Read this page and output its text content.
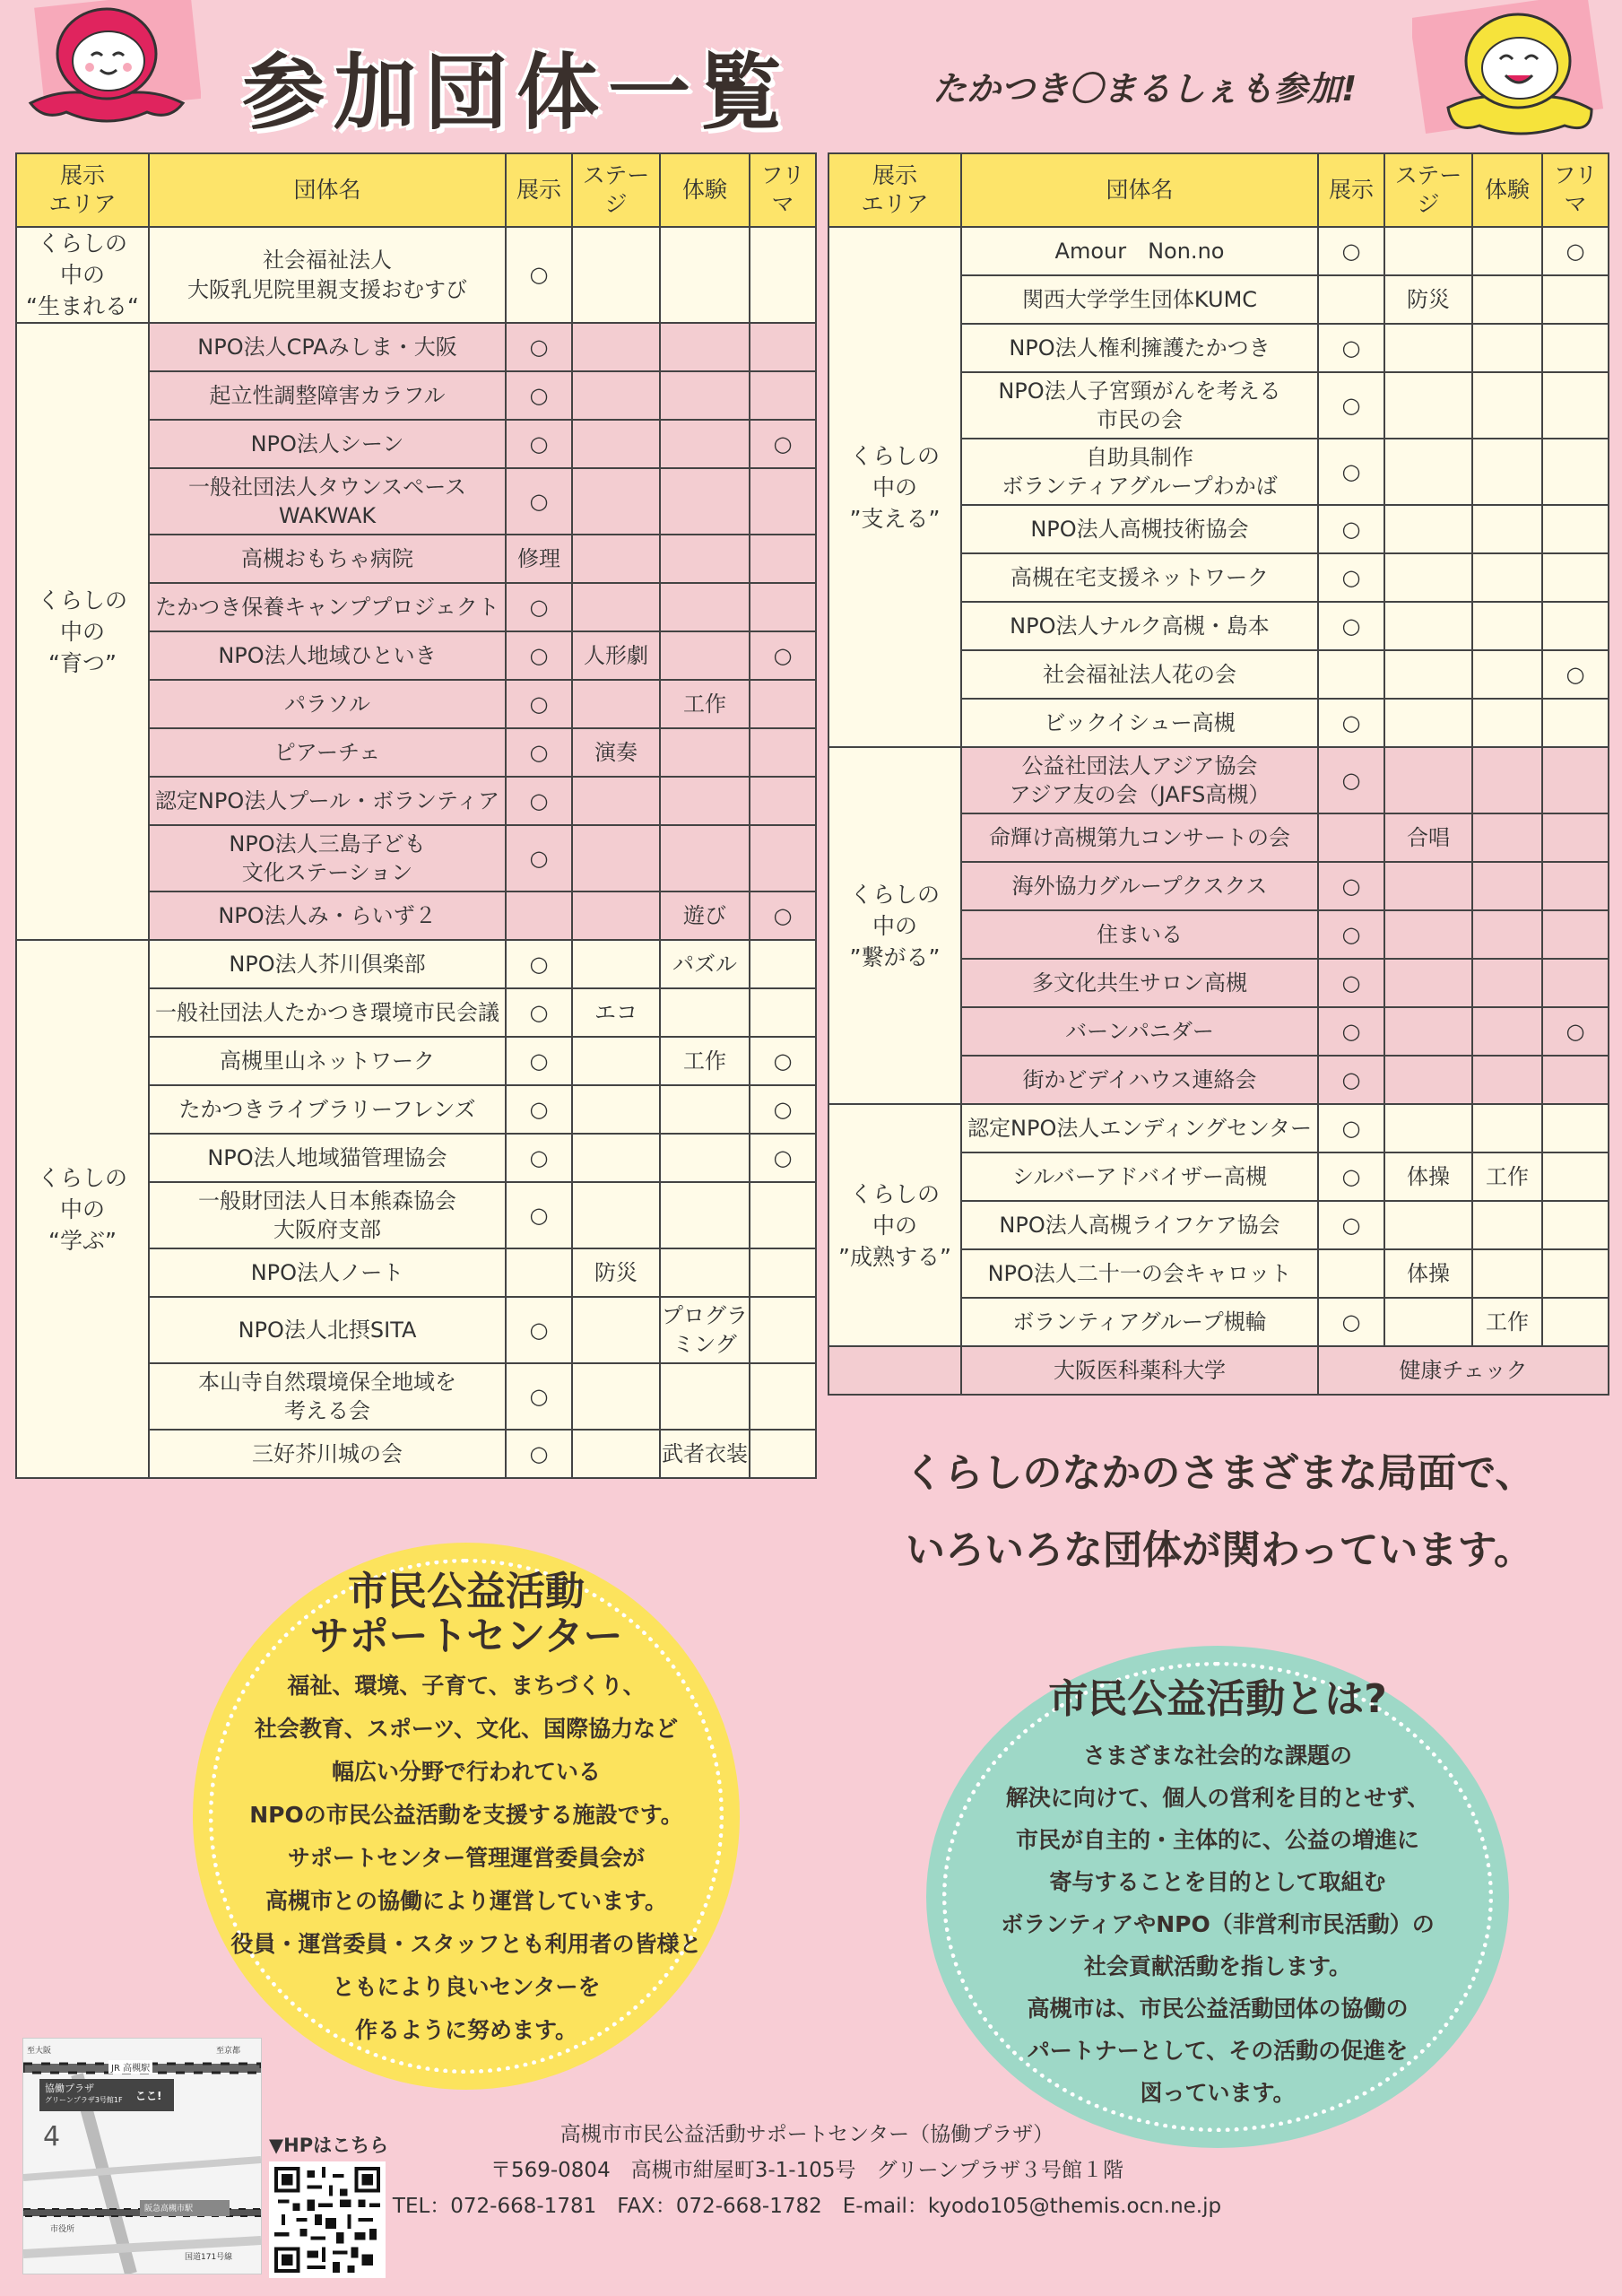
参加団体一覧	たかつき〇まるしぇも参加!
展示
エリア	団体名	展示	ステージ	体験	フリ
マ
くらしの
中の
“生まれる“	社会福祉法人
大阪乳児院里親支援おむすび	○			
くらしの
中の
“育つ”	NPO法人CPAみしま・大阪	○			
	起立性調整障害カラフル	○			
	NPO法人シーン	○			○
	一般社団法人タウンスペース
WAKWAK	○			
	高槻おもちゃ病院	修理			
	たかつき保養キャンププロジェクト	○			
	NPO法人地域ひといき	○	人形劇		○
	パラソル	○		工作	
	ピアーチェ	○	演奏		
	認定NPO法人プール・ボランティア	○			
	NPO法人三島子ども
文化ステーション	○			
	NPO法人み・らいず２			遊び	○
くらしの
中の
“学ぶ”	NPO法人芥川倶楽部	○		パズル	
	一般社団法人たかつき環境市民会議	○	エコ		
	高槻里山ネットワーク	○		工作	○
	たかつきライブラリーフレンズ	○			○
	NPO法人地域猫管理協会	○			○
	一般財団法人日本熊森協会
大阪府支部	○			
	NPO法人ノート		防災		
	NPO法人北摂SITA	○		プログラ
ミング	
	本山寺自然環境保全地域を
考える会	○			
	三好芥川城の会	○		武者衣装	
展示
エリア	団体名	展示	ステージ	体験	フリ
マ
くらしの
中の
”支える”	Amour　Non.no	○			○
	関西大学学生団体KUMC		防災		
	NPO法人権利擁護たかつき	○			
	NPO法人子宮頸がんを考える
市民の会	○			
	自助具制作
ボランティアグループわかば	○			
	NPO法人高槻技術協会	○			
	高槻在宅支援ネットワーク	○			
	NPO法人ナルク高槻・島本	○			
	社会福祉法人花の会				○
	ビックイシュー高槻	○			
くらしの
中の
”繋がる”	公益社団法人アジア協会
アジア友の会（JAFS高槻）	○			
	命輝け高槻第九コンサートの会		合唱		
	海外協力グループクスクス	○			
	住まいる	○			
	多文化共生サロン高槻	○			
	バーンパニダー	○			○
	街かどデイハウス連絡会	○			
くらしの
中の
”成熟する”	認定NPO法人エンディングセンター	○			
	シルバーアドバイザー高槻	○	体操	工作	
	NPO法人高槻ライフケア協会	○			
	NPO法人二十一の会キャロット		体操		
	ボランティアグループ槻輪	○		工作	
	大阪医科薬科大学	健康チェック			
くらしのなかのさまざまな局面で、
いろいろな団体が関わっています。
市民公益活動
サポートセンター
福祉、環境、子育て、まちづくり、
社会教育、スポーツ、文化、国際協力など
幅広い分野で行われている
NPOの市民公益活動を支援する施設です。
サポートセンター管理運営委員会が
高槻市との協働により運営しています。
役員・運営委員・スタッフとも利用者の皆様と
ともにより良いセンターを
作るように努めます。
市民公益活動とは?
さまざまな社会的な課題の
解決に向けて、個人の営利を目的とせず、
市民が自主的・主体的に、公益の増進に
寄与することを目的として取組む
ボランティアやNPO（非営利市民活動）の
社会貢献活動を指します。
高槻市は、市民公益活動団体の協働の
パートナーとして、その活動の促進を
図っています。
至大阪	至京都
JR 高槻駅
協働プラザ
グリーンプラザ3号館1F ここ!
4
阪急高槻市駅
市役所
国道171号線
▼HPはこちら	高槻市市民公益活動サポートセンター（協働プラザ）
〒569-0804　高槻市紺屋町3-1-105号　グリーンプラザ３号館１階
TEL：072-668-1781　FAX：072-668-1782　E-mail：kyodo105@themis.ocn.ne.jp
